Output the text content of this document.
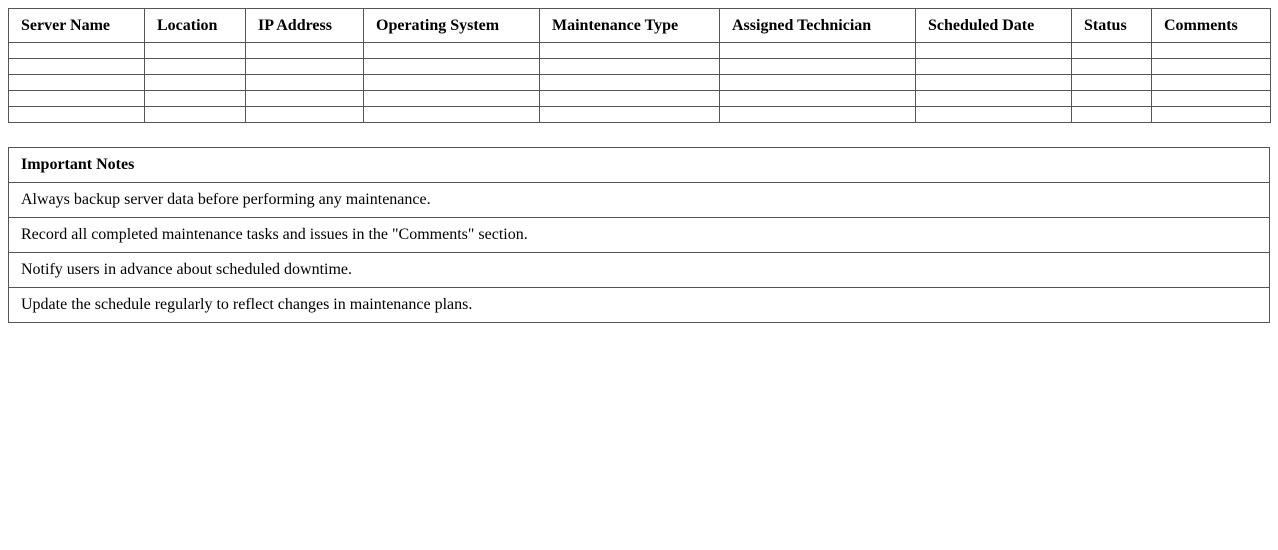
Server Name	Location	IP Address	Operating System	Maintenance Type	Assigned Technician	Scheduled Date	Status	Comments

Important Notes
Always backup server data before performing any maintenance.
Record all completed maintenance tasks and issues in the "Comments" section.
Notify users in advance about scheduled downtime.
Update the schedule regularly to reflect changes in maintenance plans.
